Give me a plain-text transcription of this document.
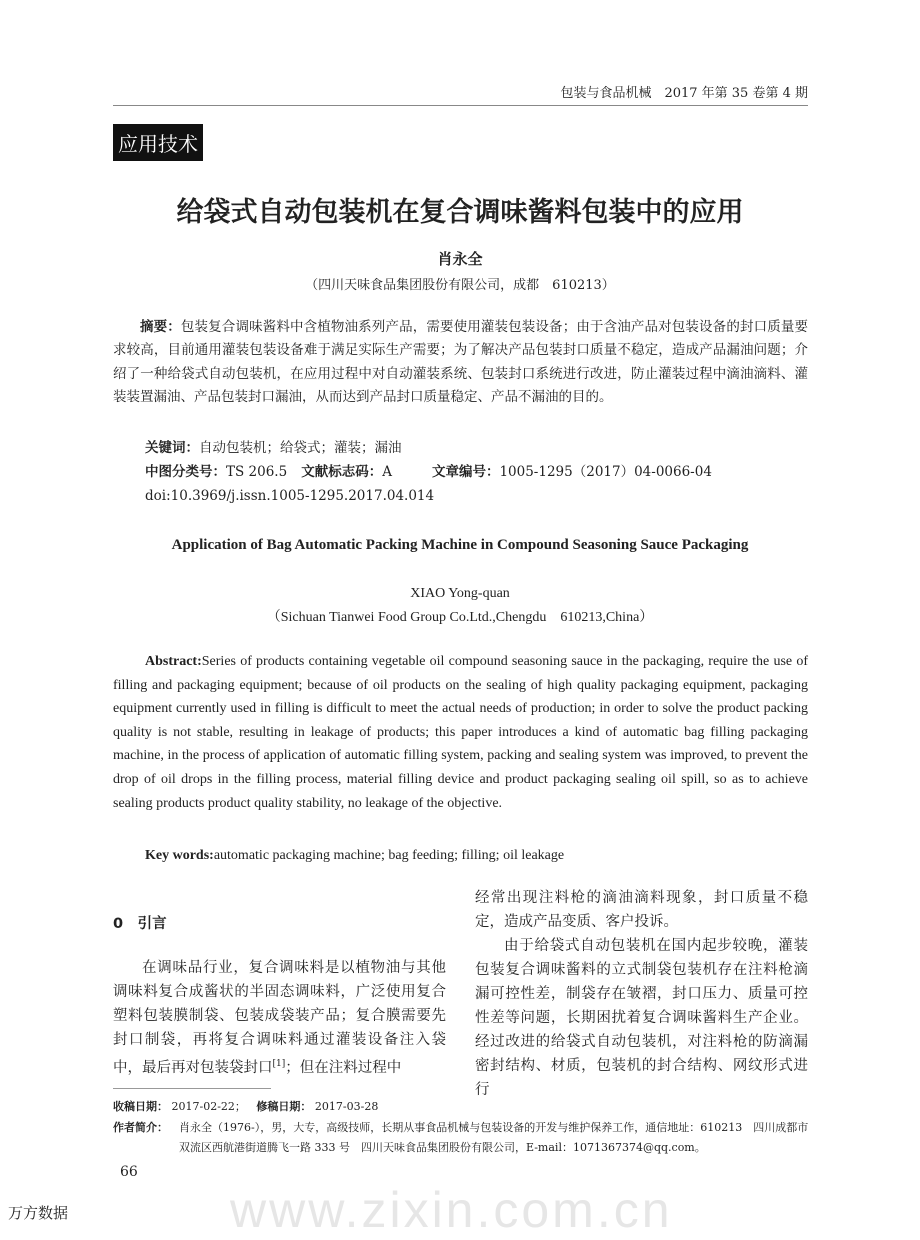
包装与食品机械　2017 年第 35 卷第 4 期
应用技术
给袋式自动包装机在复合调味酱料包装中的应用
肖永全
（四川天味食品集团股份有限公司，成都　610213）
摘要：包装复合调味酱料中含植物油系列产品，需要使用灌装包装设备；由于含油产品对包装设备的封口质量要求较高，目前通用灌装包装设备难于满足实际生产需要；为了解决产品包装封口质量不稳定，造成产品漏油问题；介绍了一种给袋式自动包装机，在应用过程中对自动灌装系统、包装封口系统进行改进，防止灌装过程中滴油滴料、灌装装置漏油、产品包装封口漏油，从而达到产品封口质量稳定、产品不漏油的目的。
关键词：自动包装机；给袋式；灌装；漏油
中图分类号：TS 206.5 文献标志码：A	文章编号：1005-1295（2017）04-0066-04
doi:10.3969/j.issn.1005-1295.2017.04.014
Application of Bag Automatic Packing Machine in Compound Seasoning Sauce Packaging
XIAO Yong-quan
（Sichuan Tianwei Food Group Co.Ltd.,Chengdu　610213,China）
Abstract:Series of products containing vegetable oil compound seasoning sauce in the packaging, require the use of filling and packaging equipment; because of oil products on the sealing of high quality packaging equipment, packaging equipment currently used in filling is difficult to meet the actual needs of production; in order to solve the product packing quality is not stable, resulting in leakage of products; this paper introduces a kind of automatic bag filling packaging machine, in the process of application of automatic filling system, packing and sealing system was improved, to prevent the drop of oil drops in the filling process, material filling device and product packaging sealing oil spill, so as to achieve sealing products product quality stability, no leakage of the objective.
Key words:automatic packaging machine; bag feeding; filling; oil leakage
0　引言
在调味品行业，复合调味料是以植物油与其他调味料复合成酱状的半固态调味料，广泛使用复合塑料包装膜制袋、包装成袋装产品；复合膜需要先封口制袋，再将复合调味料通过灌装设备注入袋中，最后再对包装袋封口[1]；但在注料过程中
经常出现注料枪的滴油滴料现象，封口质量不稳定，造成产品变质、客户投诉。
由于给袋式自动包装机在国内起步较晚，灌装包装复合调味酱料的立式制袋包装机存在注料枪滴漏可控性差，制袋存在皱褶，封口压力、质量可控性差等问题，长期困扰着复合调味酱料生产企业。经过改进的给袋式自动包装机，对注料枪的防滴漏密封结构、材质，包装机的封合结构、网纹形式进行
收稿日期： 2017-02-22； 修稿日期： 2017-03-28
作者简介：	肖永全（1976-），男，大专，高级技师，长期从事食品机械与包装设备的开发与维护保养工作，通信地址：610213　四川成都市双流区西航港街道腾飞一路 333 号　四川天味食品集团股份有限公司，E-mail：1071367374@qq.com。
66
www.zixin.com.cn
万方数据
